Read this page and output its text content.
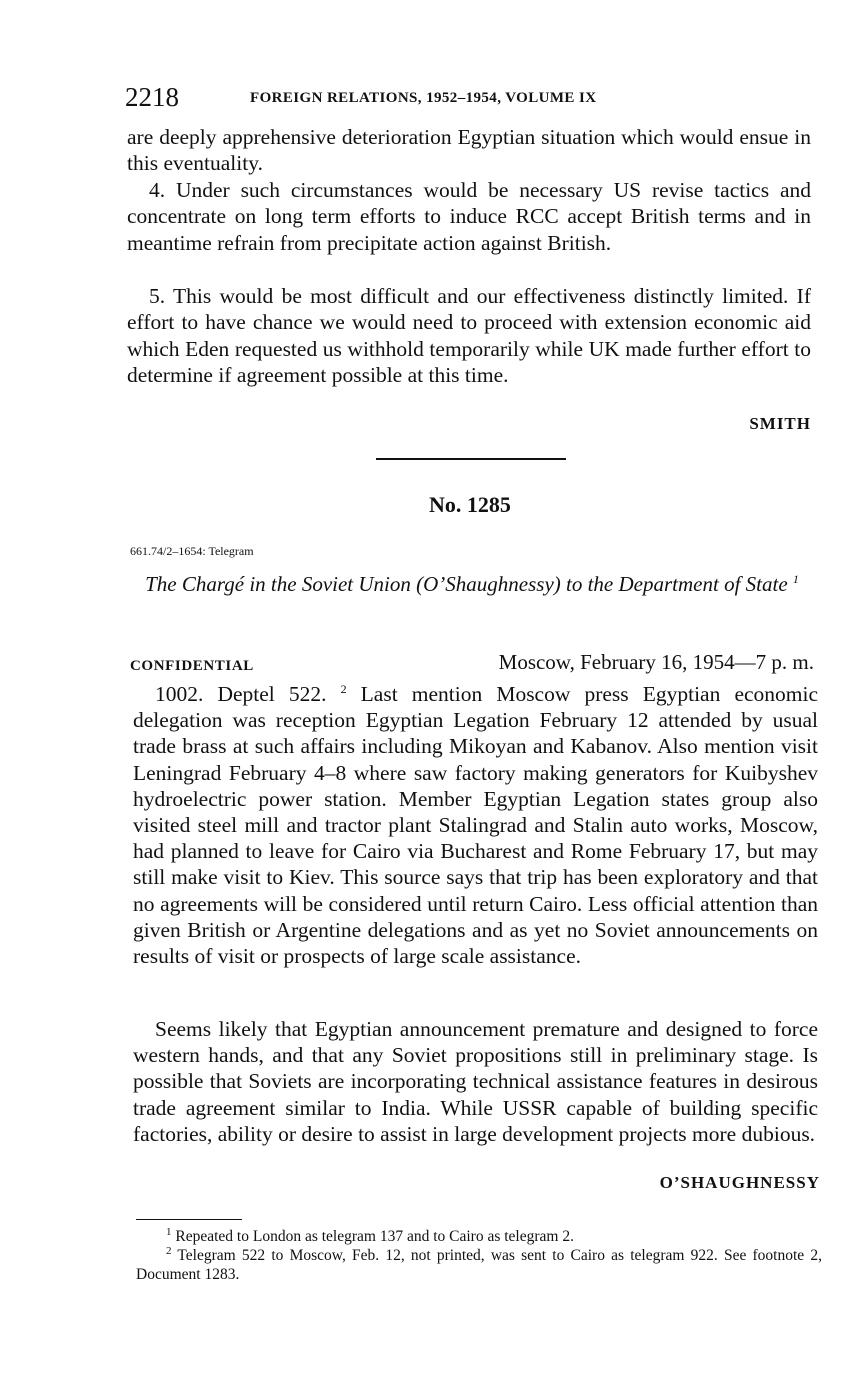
2218	FOREIGN RELATIONS, 1952–1954, VOLUME IX

are deeply apprehensive deterioration Egyptian situation which would ensue in this eventuality.

4. Under such circumstances would be necessary US revise tactics and concentrate on long term efforts to induce RCC accept British terms and in meantime refrain from precipitate action against British.

5. This would be most difficult and our effectiveness distinctly limited. If effort to have chance we would need to proceed with extension economic aid which Eden requested us withhold temporarily while UK made further effort to determine if agreement possible at this time.

SMITH
No. 1285
661.74/2–1654: Telegram
The Chargé in the Soviet Union (O’Shaughnessy) to the Department of State $^1$
CONFIDENTIAL	Moscow, February 16, 1954—7 p. m.

1002. Deptel 522. $^2$ Last mention Moscow press Egyptian economic delegation was reception Egyptian Legation February 12 attended by usual trade brass at such affairs including Mikoyan and Kabanov. Also mention visit Leningrad February 4–8 where saw factory making generators for Kuibyshev hydroelectric power station. Member Egyptian Legation states group also visited steel mill and tractor plant Stalingrad and Stalin auto works, Moscow, had planned to leave for Cairo via Bucharest and Rome February 17, but may still make visit to Kiev. This source says that trip has been exploratory and that no agreements will be considered until return Cairo. Less official attention than given British or Argentine delegations and as yet no Soviet announcements on results of visit or prospects of large scale assistance.

Seems likely that Egyptian announcement premature and designed to force western hands, and that any Soviet propositions still in preliminary stage. Is possible that Soviets are incorporating technical assistance features in desirous trade agreement similar to India. While USSR capable of building specific factories, ability or desire to assist in large development projects more dubious.

O’SHAUGHNESSY
$^1$ Repeated to London as telegram 137 and to Cairo as telegram 2.
$^2$ Telegram 522 to Moscow, Feb. 12, not printed, was sent to Cairo as telegram 922. See footnote 2, Document 1283.
